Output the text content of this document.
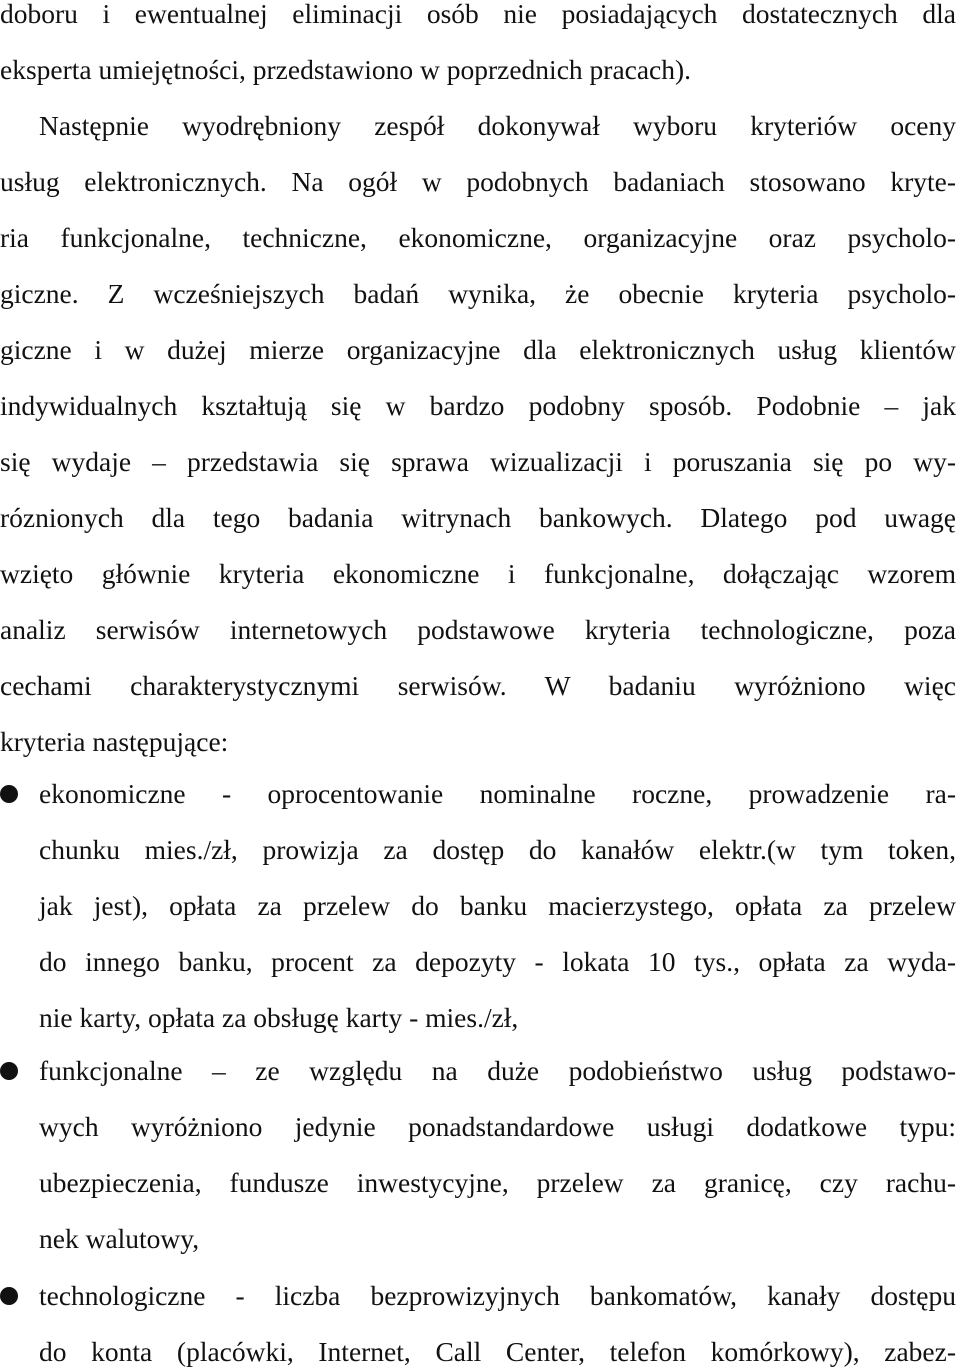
doboru i ewentualnej eliminacji osób nie posiadających dostatecznych dla
eksperta umiejętności, przedstawiono w poprzednich pracach).
Następnie wyodrębniony zespół dokonywał wyboru kryteriów oceny
usług elektronicznych. Na ogół w podobnych badaniach stosowano kryte-
ria funkcjonalne, techniczne, ekonomiczne, organizacyjne oraz psycholo-
giczne. Z wcześniejszych badań wynika, że obecnie kryteria psycholo-
giczne i w dużej mierze organizacyjne dla elektronicznych usług klientów
indywidualnych kształtują się w bardzo podobny sposób. Podobnie – jak
się wydaje – przedstawia się sprawa wizualizacji i poruszania się po wy-
róznionych dla tego badania witrynach bankowych. Dlatego pod uwagę
wzięto głównie kryteria ekonomiczne i funkcjonalne, dołączając wzorem
analiz serwisów internetowych podstawowe kryteria technologiczne, poza
cechami charakterystycznymi serwisów. W badaniu wyróżniono więc
kryteria następujące:
ekonomiczne - oprocentowanie nominalne roczne, prowadzenie ra-
chunku mies./zł, prowizja za dostęp do kanałów elektr.(w tym token,
jak jest), opłata za przelew do banku macierzystego, opłata za przelew
do innego banku, procent za depozyty - lokata 10 tys., opłata za wyda-
nie karty, opłata za obsługę karty - mies./zł,
funkcjonalne – ze względu na duże podobieństwo usług podstawo-
wych wyróżniono jedynie ponadstandardowe usługi dodatkowe typu:
ubezpieczenia, fundusze inwestycyjne, przelew za granicę, czy rachu-
nek walutowy,
technologiczne - liczba bezprowizyjnych bankomatów, kanały dostępu
do konta (placówki, Internet, Call Center, telefon komórkowy), zabez-
